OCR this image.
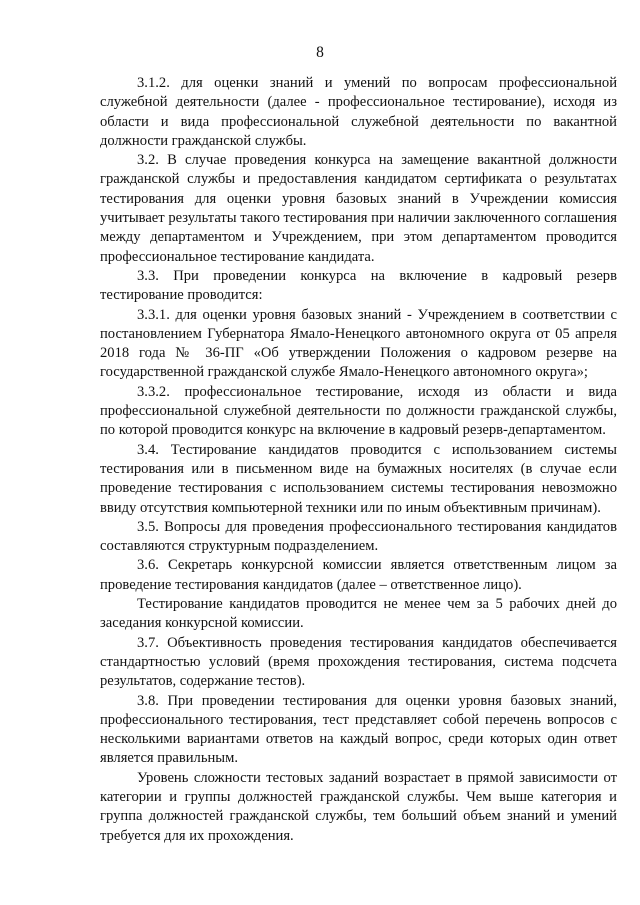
8

3.1.2. для оценки знаний и умений по вопросам профессиональной служебной деятельности (далее - профессиональное тестирование), исходя из области и вида профессиональной служебной деятельности по вакантной должности гражданской службы.

3.2. В случае проведения конкурса на замещение вакантной должности гражданской службы и предоставления кандидатом сертификата о результатах тестирования для оценки уровня базовых знаний в Учреждении комиссия учитывает результаты такого тестирования при наличии заключенного соглашения между департаментом и Учреждением, при этом департаментом проводится профессиональное тестирование кандидата.

3.3. При проведении конкурса на включение в кадровый резерв тестирование проводится:

3.3.1. для оценки уровня базовых знаний - Учреждением в соответствии с постановлением Губернатора Ямало-Ненецкого автономного округа от 05 апреля 2018 года № 36-ПГ «Об утверждении Положения о кадровом резерве на государственной гражданской службе Ямало-Ненецкого автономного округа»;

3.3.2. профессиональное тестирование, исходя из области и вида профессиональной служебной деятельности по должности гражданской службы, по которой проводится конкурс на включение в кадровый резерв-департаментом.

3.4. Тестирование кандидатов проводится с использованием системы тестирования или в письменном виде на бумажных носителях (в случае если проведение тестирования с использованием системы тестирования невозможно ввиду отсутствия компьютерной техники или по иным объективным причинам).

3.5. Вопросы для проведения профессионального тестирования кандидатов составляются структурным подразделением.

3.6. Секретарь конкурсной комиссии является ответственным лицом за проведение тестирования кандидатов (далее – ответственное лицо).

Тестирование кандидатов проводится не менее чем за 5 рабочих дней до заседания конкурсной комиссии.

3.7. Объективность проведения тестирования кандидатов обеспечивается стандартностью условий (время прохождения тестирования, система подсчета результатов, содержание тестов).

3.8. При проведении тестирования для оценки уровня базовых знаний, профессионального тестирования, тест представляет собой перечень вопросов с несколькими вариантами ответов на каждый вопрос, среди которых один ответ является правильным.

Уровень сложности тестовых заданий возрастает в прямой зависимости от категории и группы должностей гражданской службы. Чем выше категория и группа должностей гражданской службы, тем больший объем знаний и умений требуется для их прохождения.
